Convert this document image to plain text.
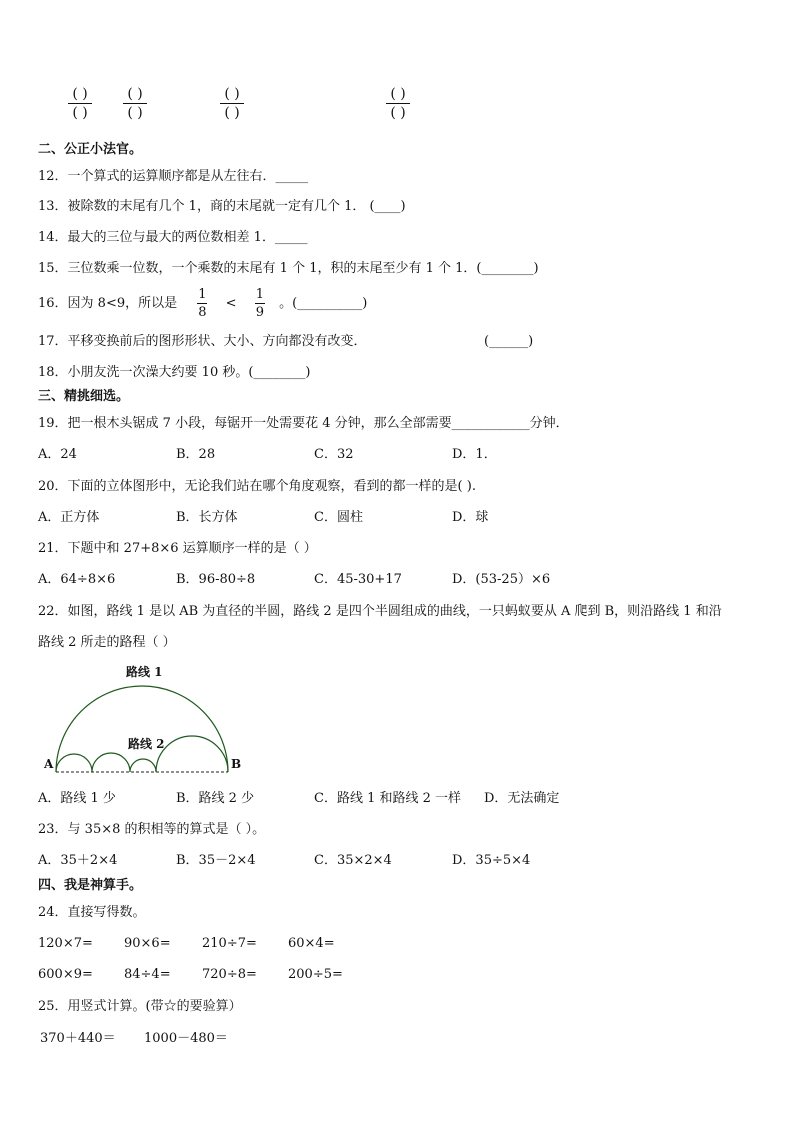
( )
( )
( )
( )
( )
( )
( )
( )
二、公正小法官。
12．一个算式的运算顺序都是从左往右．_____
13．被除数的末尾有几个 1，商的末尾就一定有几个 1． (____)
14．最大的三位与最大的两位数相差 1．_____
15．三位数乘一位数，一个乘数的末尾有 1 个 1，积的末尾至少有 1 个 1．(________)
16．因为 8<9，所以是 $\frac{1}{8} < \frac{1}{9}$ 。(__________)
17．平移变换前后的图形形状、大小、方向都没有改变．	(______)
18．小朋友洗一次澡大约要 10 秒。(________)
三、精挑细选。
19．把一根木头锯成 7 小段，每锯开一处需要花 4 分钟，那么全部需要____________分钟．
A．24	B．28	C．32	D．1．
20．下面的立体图形中，无论我们站在哪个角度观察，看到的都一样的是( ).
A．正方体	B．长方体	C．圆柱	D．球
21．下题中和 27+8×6 运算顺序一样的是（ ）
A．64÷8×6	B．96-80÷8	C．45-30+17	D．(53-25）×6
22．如图，路线 1 是以 AB 为直径的半圆，路线 2 是四个半圆组成的曲线，一只蚂蚁要从 A 爬到 B，则沿路线 1 和沿
路线 2 所走的路程（ ）
路线 1
路线 2
A	B
A．路线 1 少	B．路线 2 少	C．路线 1 和路线 2 一样 D．无法确定
23．与 35×8 的积相等的算式是（ ）。
A．35＋2×4	B．35－2×4	C．35×2×4	D．35÷5×4
四、我是神算手。
24．直接写得数。
120×7= 90×6= 210÷7= 60×4=
600×9= 84÷4= 720÷8= 200÷5=
25．用竖式计算。(带☆的要验算）
370＋440＝ 1000－480＝
